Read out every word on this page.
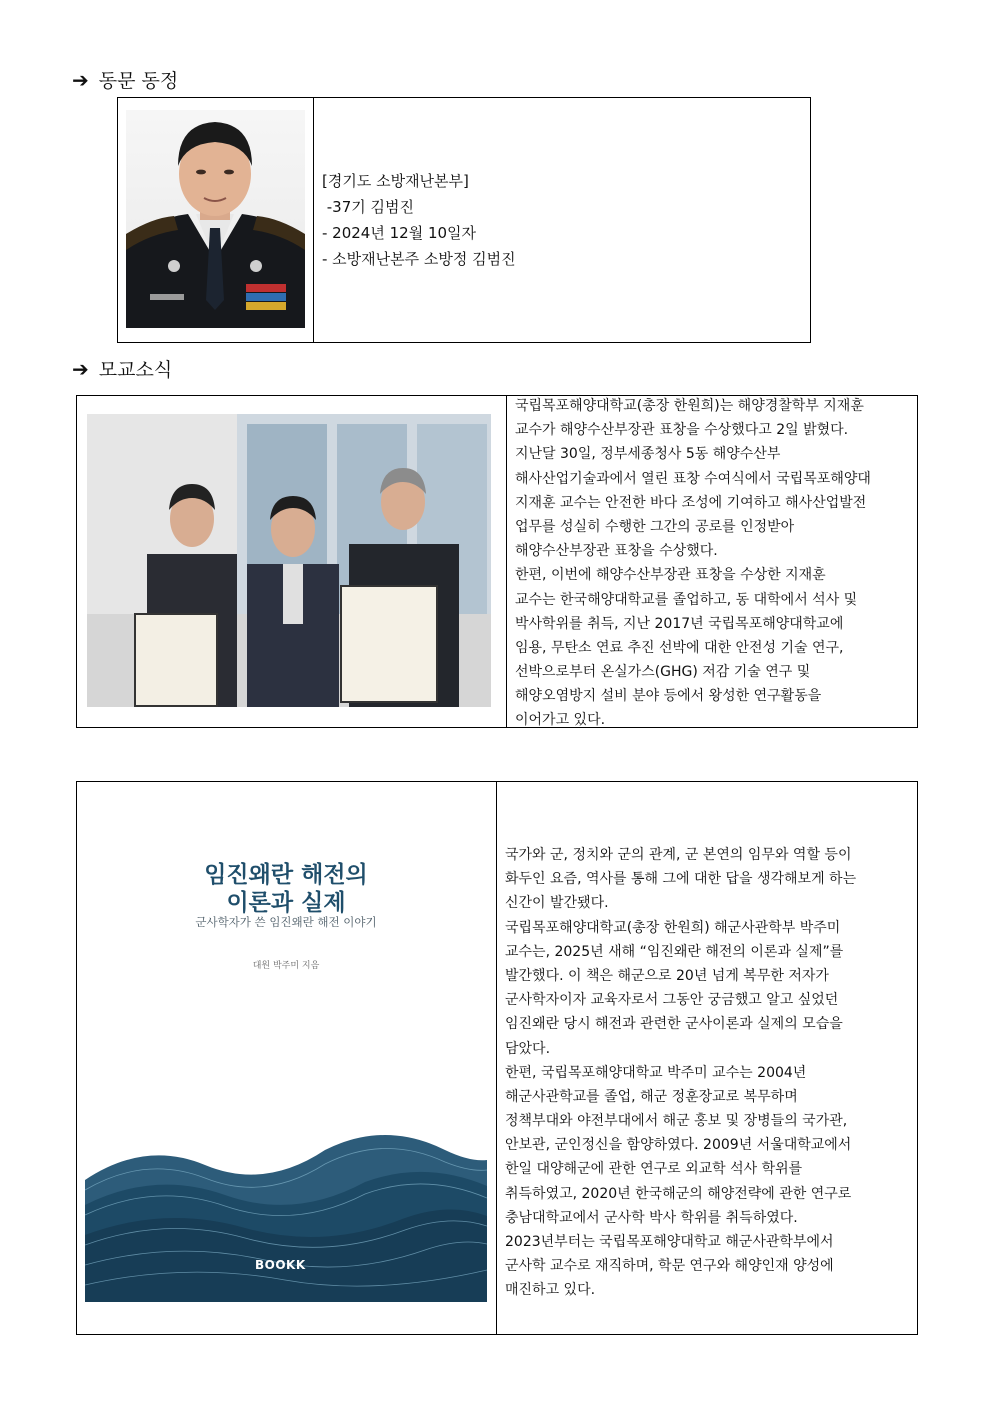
➔ 동문 동정
[경기도 소방재난본부]
-37기 김범진
- 2024년 12월 10일자
- 소방재난본주 소방정 김범진
➔ 모교소식
국립목포해양대학교(총장 한원희)는 해양경찰학부 지재훈
교수가 해양수산부장관 표창을 수상했다고 2일 밝혔다.
지난달 30일, 정부세종청사 5동 해양수산부
해사산업기술과에서 열린 표창 수여식에서 국립목포해양대
지재훈 교수는 안전한 바다 조성에 기여하고 해사산업발전
업무를 성실히 수행한 그간의 공로를 인정받아
해양수산부장관 표창을 수상했다.
한편, 이번에 해양수산부장관 표창을 수상한 지재훈
교수는 한국해양대학교를 졸업하고, 동 대학에서 석사 및
박사학위를 취득, 지난 2017년 국립목포해양대학교에
임용, 무탄소 연료 추진 선박에 대한 안전성 기술 연구,
선박으로부터 온실가스(GHG) 저감 기술 연구 및
해양오염방지 설비 분야 등에서 왕성한 연구활동을
이어가고 있다.
임진왜란 해전의
이론과 실제
군사학자가 쓴 임진왜란 해전 이야기
대원 박주미 지음
BOOKK
국가와 군, 정치와 군의 관계, 군 본연의 임무와 역할 등이
화두인 요즘, 역사를 통해 그에 대한 답을 생각해보게 하는
신간이 발간됐다.
국립목포해양대학교(총장 한원희) 해군사관학부 박주미
교수는, 2025년 새해 “임진왜란 해전의 이론과 실제”를
발간했다. 이 책은 해군으로 20년 넘게 복무한 저자가
군사학자이자 교육자로서 그동안 궁금했고 알고 싶었던
임진왜란 당시 해전과 관련한 군사이론과 실제의 모습을
담았다.
한편, 국립목포해양대학교 박주미 교수는 2004년
해군사관학교를 졸업, 해군 정훈장교로 복무하며
정책부대와 야전부대에서 해군 홍보 및 장병들의 국가관,
안보관, 군인정신을 함양하였다. 2009년 서울대학교에서
한일 대양해군에 관한 연구로 외교학 석사 학위를
취득하였고, 2020년 한국해군의 해양전략에 관한 연구로
충남대학교에서 군사학 박사 학위를 취득하였다.
2023년부터는 국립목포해양대학교 해군사관학부에서
군사학 교수로 재직하며, 학문 연구와 해양인재 양성에
매진하고 있다.
